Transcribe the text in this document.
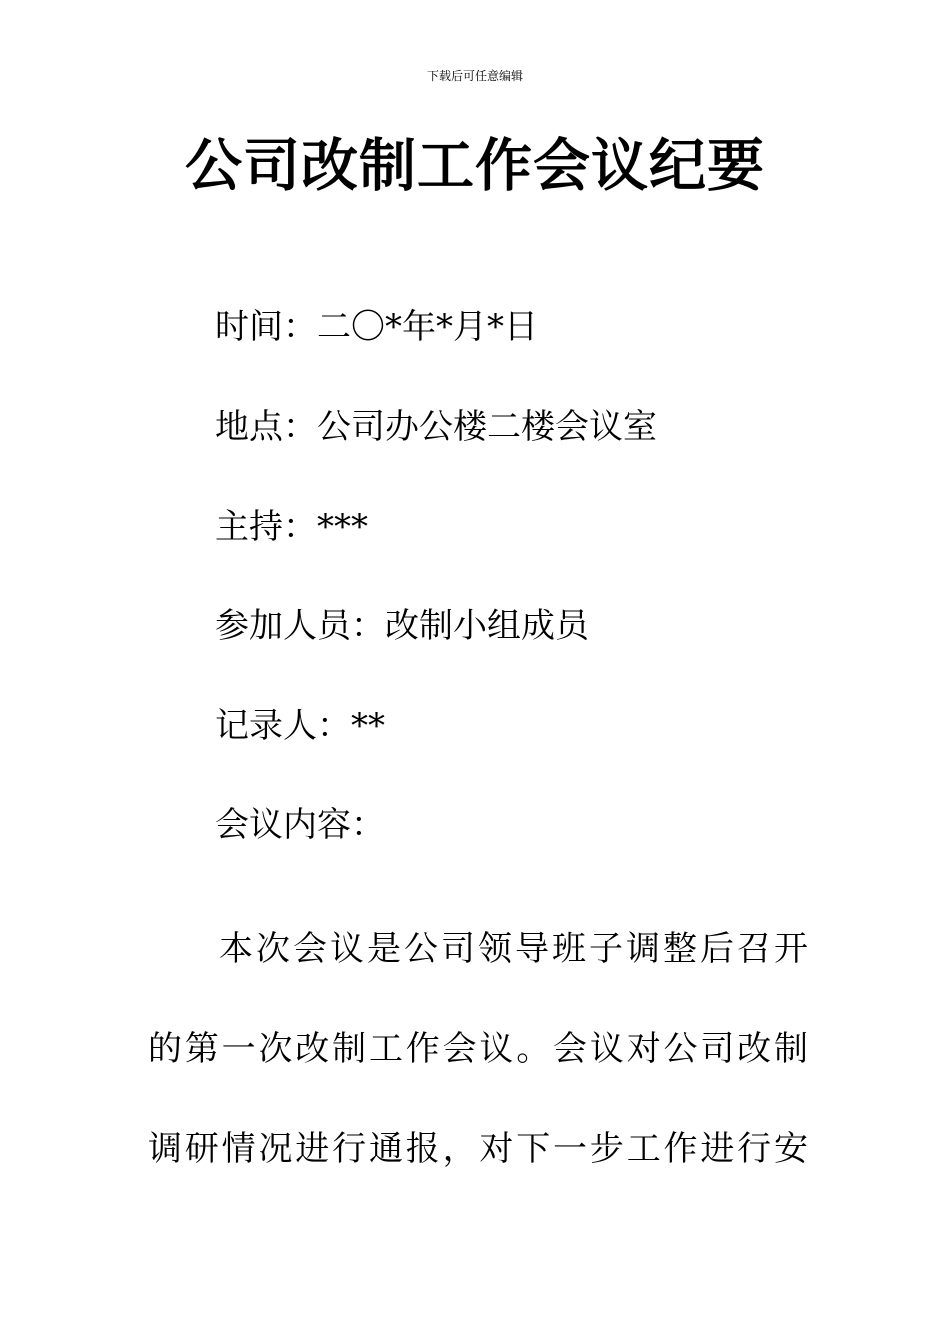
下载后可任意编辑
公司改制工作会议纪要
时间：二〇*年*月*日
地点：公司办公楼二楼会议室
主持：***
参加人员：改制小组成员
记录人：**
会议内容：
本次会议是公司领导班子调整后召开
的第一次改制工作会议。会议对公司改制
调研情况进行通报，对下一步工作进行安
